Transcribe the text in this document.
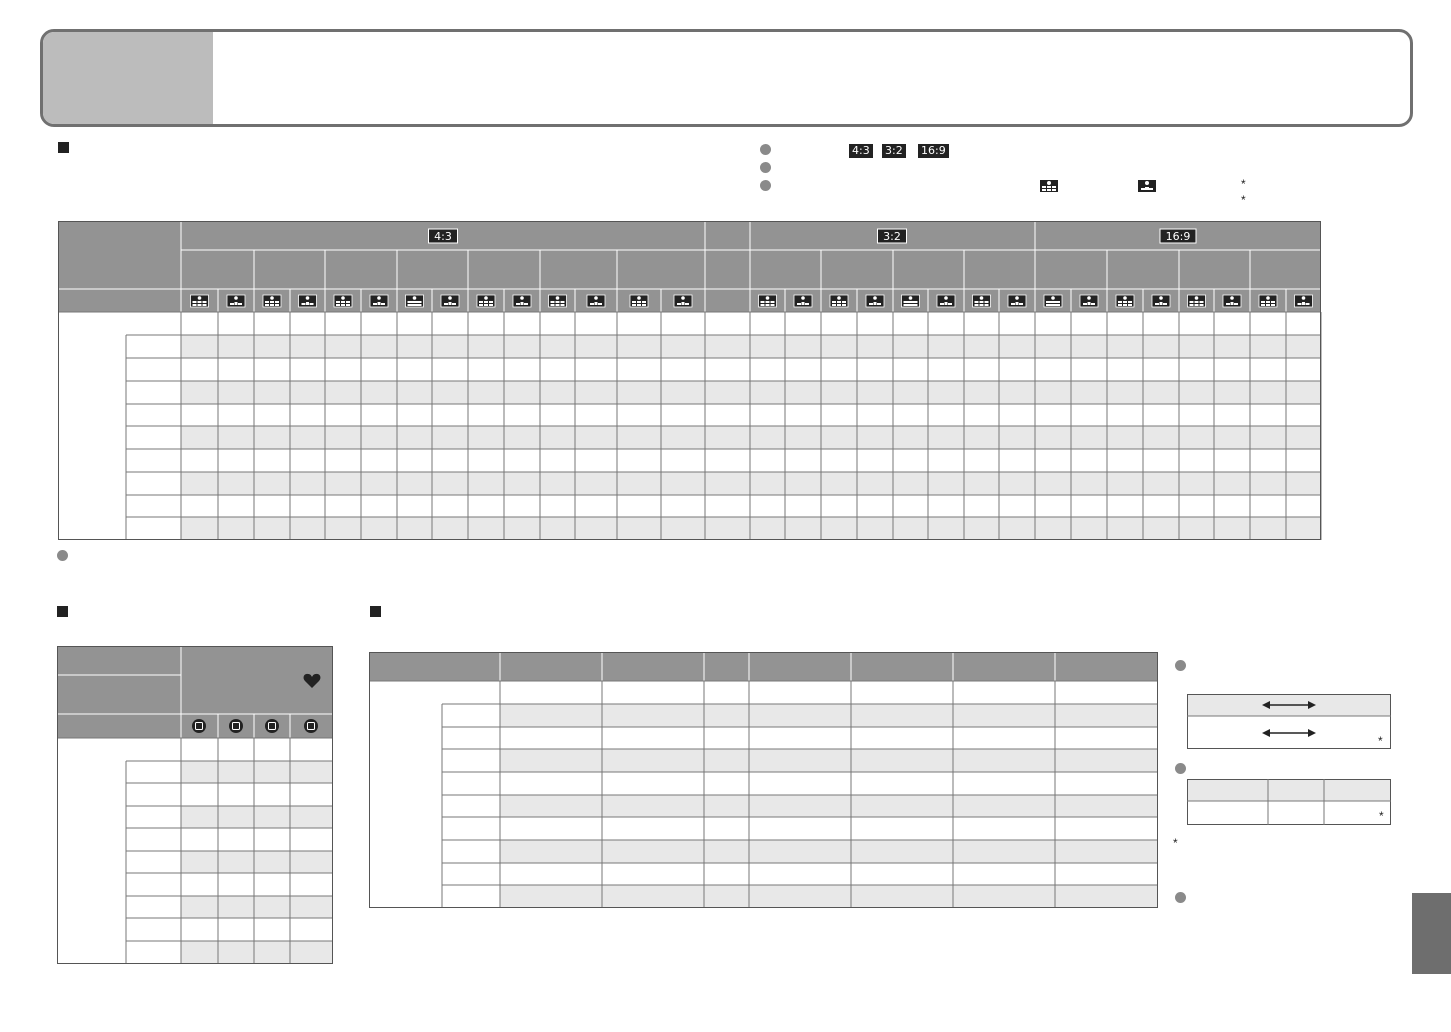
4:3 3:2 16:9
*
*
4:3	3:2	16:9
*
*
*
